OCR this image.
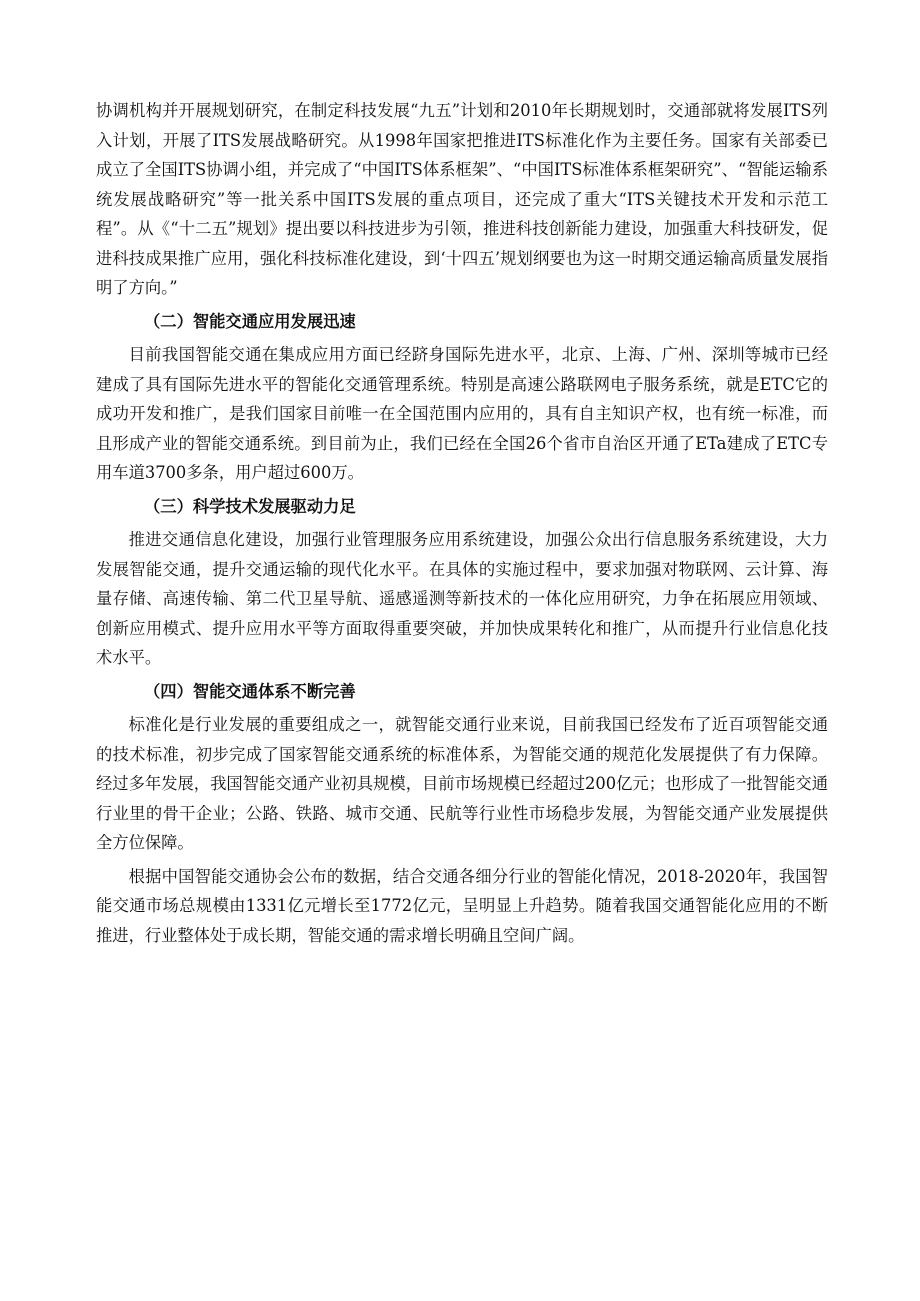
协调机构并开展规划研究，在制定科技发展“九五”计划和2010年长期规划时，交通部就将发展ITS列入计划，开展了ITS发展战略研究。从1998年国家把推进ITS标准化作为主要任务。国家有关部委已成立了全国ITS协调小组，并完成了“中国ITS体系框架”、“中国ITS标准体系框架研究”、“智能运输系统发展战略研究”等一批关系中国ITS发展的重点项目，还完成了重大“ITS关键技术开发和示范工程”。从《“十二五”规划》提出要以科技进步为引领，推进科技创新能力建设，加强重大科技研发，促进科技成果推广应用，强化科技标准化建设，到‘十四五’规划纲要也为这一时期交通运输高质量发展指明了方向。”

（二）智能交通应用发展迅速

目前我国智能交通在集成应用方面已经跻身国际先进水平，北京、上海、广州、深圳等城市已经建成了具有国际先进水平的智能化交通管理系统。特别是高速公路联网电子服务系统，就是ETC它的成功开发和推广，是我们国家目前唯一在全国范围内应用的，具有自主知识产权，也有统一标准，而且形成产业的智能交通系统。到目前为止，我们已经在全国26个省市自治区开通了ETa建成了ETC专用车道3700多条，用户超过600万。

（三）科学技术发展驱动力足

推进交通信息化建设，加强行业管理服务应用系统建设，加强公众出行信息服务系统建设，大力发展智能交通，提升交通运输的现代化水平。在具体的实施过程中，要求加强对物联网、云计算、海量存储、高速传输、第二代卫星导航、遥感遥测等新技术的一体化应用研究，力争在拓展应用领域、创新应用模式、提升应用水平等方面取得重要突破，并加快成果转化和推广，从而提升行业信息化技术水平。

（四）智能交通体系不断完善

标准化是行业发展的重要组成之一，就智能交通行业来说，目前我国已经发布了近百项智能交通的技术标准，初步完成了国家智能交通系统的标准体系，为智能交通的规范化发展提供了有力保障。经过多年发展，我国智能交通产业初具规模，目前市场规模已经超过200亿元；也形成了一批智能交通行业里的骨干企业；公路、铁路、城市交通、民航等行业性市场稳步发展，为智能交通产业发展提供全方位保障。

根据中国智能交通协会公布的数据，结合交通各细分行业的智能化情况，2018-2020年，我国智能交通市场总规模由1331亿元增长至1772亿元，呈明显上升趋势。随着我国交通智能化应用的不断推进，行业整体处于成长期，智能交通的需求增长明确且空间广阔。
